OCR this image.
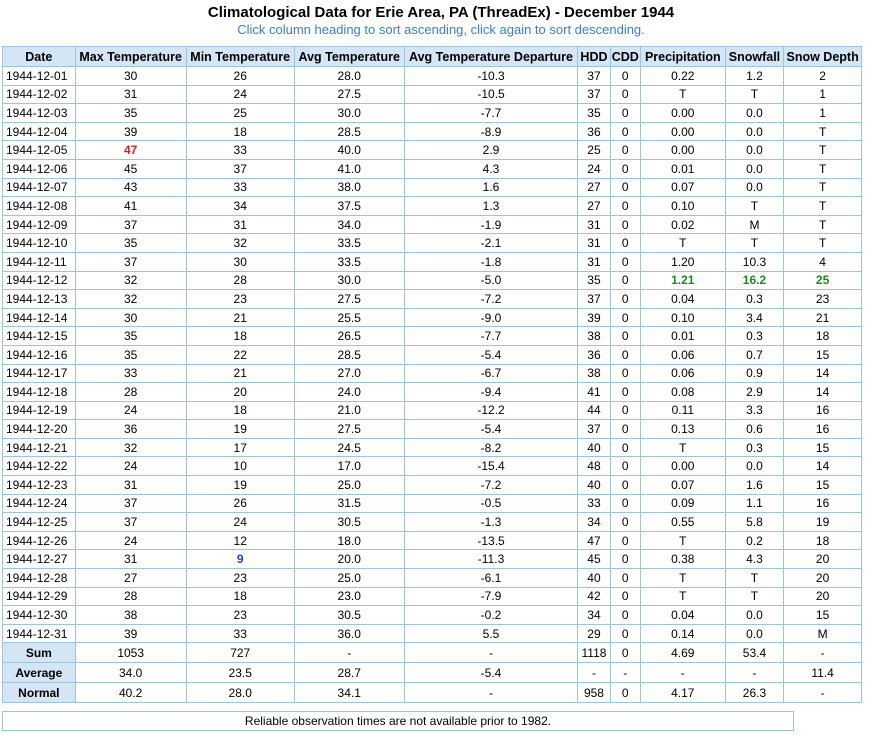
Climatological Data for Erie Area, PA (ThreadEx) - December 1944
Click column heading to sort ascending, click again to sort descending.
Date	Max Temperature	Min Temperature	Avg Temperature	Avg Temperature Departure	HDD	CDD	Precipitation	Snowfall	Snow Depth
1944-12-01	30	26	28.0	-10.3	37	0	0.22	1.2	2
1944-12-02	31	24	27.5	-10.5	37	0	T	T	1
1944-12-03	35	25	30.0	-7.7	35	0	0.00	0.0	1
1944-12-04	39	18	28.5	-8.9	36	0	0.00	0.0	T
1944-12-05	47	33	40.0	2.9	25	0	0.00	0.0	T
1944-12-06	45	37	41.0	4.3	24	0	0.01	0.0	T
1944-12-07	43	33	38.0	1.6	27	0	0.07	0.0	T
1944-12-08	41	34	37.5	1.3	27	0	0.10	T	T
1944-12-09	37	31	34.0	-1.9	31	0	0.02	M	T
1944-12-10	35	32	33.5	-2.1	31	0	T	T	T
1944-12-11	37	30	33.5	-1.8	31	0	1.20	10.3	4
1944-12-12	32	28	30.0	-5.0	35	0	1.21	16.2	25
1944-12-13	32	23	27.5	-7.2	37	0	0.04	0.3	23
1944-12-14	30	21	25.5	-9.0	39	0	0.10	3.4	21
1944-12-15	35	18	26.5	-7.7	38	0	0.01	0.3	18
1944-12-16	35	22	28.5	-5.4	36	0	0.06	0.7	15
1944-12-17	33	21	27.0	-6.7	38	0	0.06	0.9	14
1944-12-18	28	20	24.0	-9.4	41	0	0.08	2.9	14
1944-12-19	24	18	21.0	-12.2	44	0	0.11	3.3	16
1944-12-20	36	19	27.5	-5.4	37	0	0.13	0.6	16
1944-12-21	32	17	24.5	-8.2	40	0	T	0.3	15
1944-12-22	24	10	17.0	-15.4	48	0	0.00	0.0	14
1944-12-23	31	19	25.0	-7.2	40	0	0.07	1.6	15
1944-12-24	37	26	31.5	-0.5	33	0	0.09	1.1	16
1944-12-25	37	24	30.5	-1.3	34	0	0.55	5.8	19
1944-12-26	24	12	18.0	-13.5	47	0	T	0.2	18
1944-12-27	31	9	20.0	-11.3	45	0	0.38	4.3	20
1944-12-28	27	23	25.0	-6.1	40	0	T	T	20
1944-12-29	28	18	23.0	-7.9	42	0	T	T	20
1944-12-30	38	23	30.5	-0.2	34	0	0.04	0.0	15
1944-12-31	39	33	36.0	5.5	29	0	0.14	0.0	M
Sum	1053	727	-	-	1118	0	4.69	53.4	-
Average	34.0	23.5	28.7	-5.4	-	-	-	-	11.4
Normal	40.2	28.0	34.1	-	958	0	4.17	26.3	-
Reliable observation times are not available prior to 1982.
